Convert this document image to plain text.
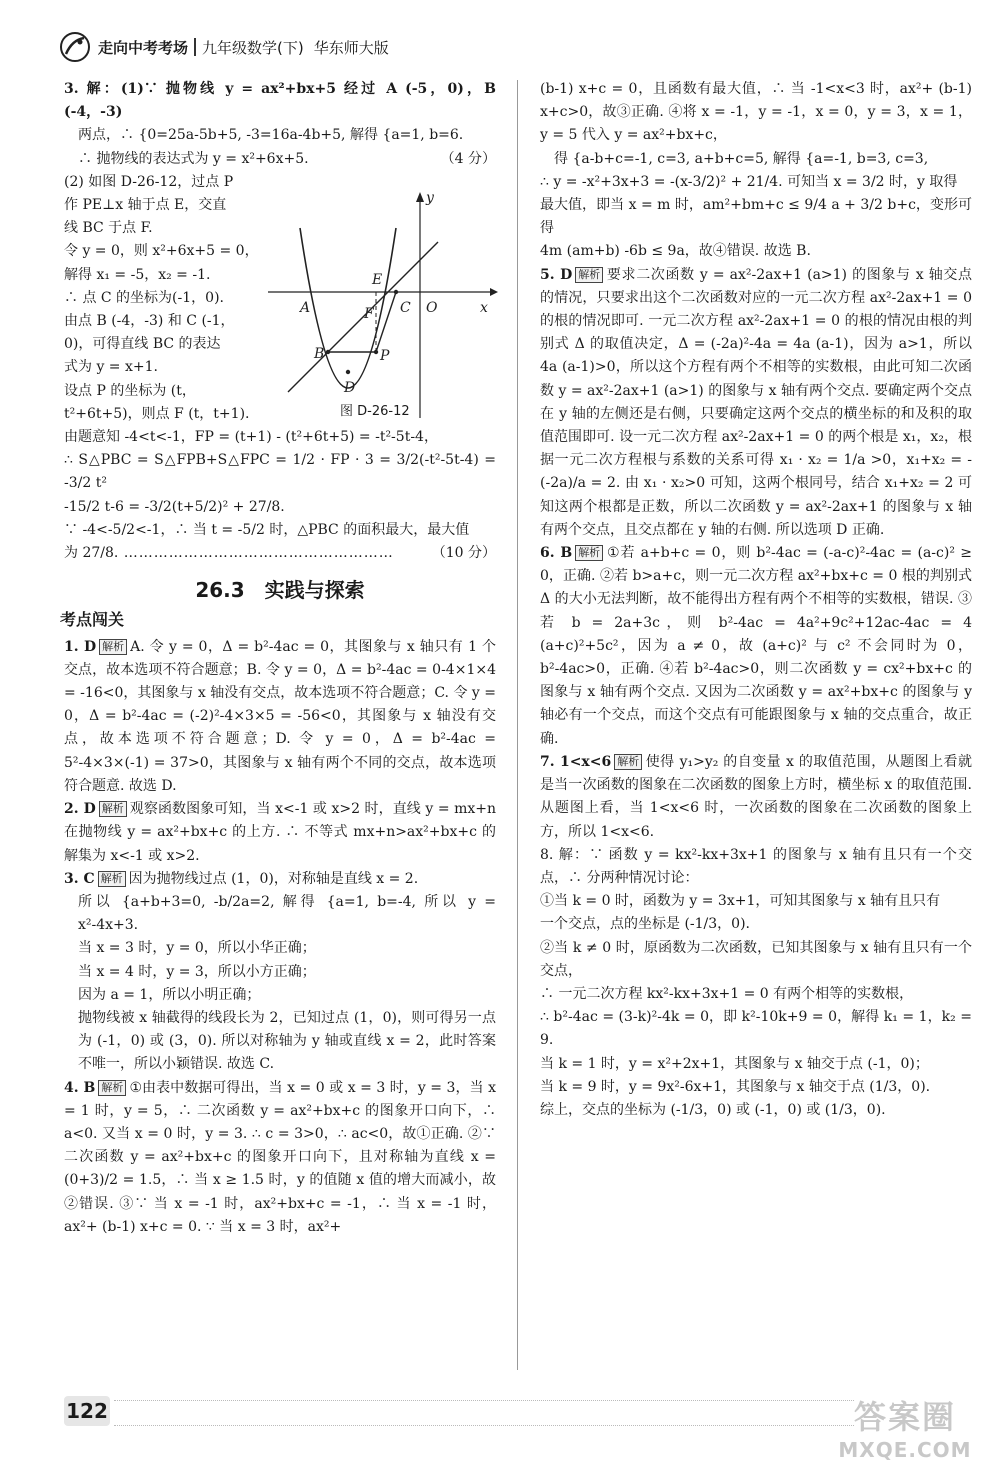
走向中考考场 九年级数学(下) 华东师大版

3. 解：(1)∵ 抛物线 y = ax²+bx+5 经过 A (-5，0)，B (-4，-3)

两点，∴ {0=25a-5b+5, -3=16a-4b+5, 解得 {a=1, b=6.

∴ 抛物线的表达式为 y = x²+6x+5.	（4 分）

(2) 如图 D-26-12，过点 P

作 PE⊥x 轴于点 E，交直

线 BC 于点 F.

令 y = 0，则 x²+6x+5 = 0，

解得 x₁ = -5，x₂ = -1.

∴ 点 C 的坐标为(-1，0).

由点 B (-4，-3) 和 C (-1，

0)，可得直线 BC 的表达

式为 y = x+1.

设点 P 的坐标为 (t，

t²+6t+5)，则点 F (t，t+1).

由题意知 -4<t<-1，FP = (t+1) - (t²+6t+5) = -t²-5t-4，

∴ S△PBC = S△FPB+S△FPC = 1/2 · FP · 3 = 3/2(-t²-5t-4) = -3/2 t²

-15/2 t-6 = -3/2(t+5/2)² + 27/8.

∵ -4<-5/2<-1，∴ 当 t = -5/2 时，△PBC 的面积最大，最大值

为 27/8. ………………………………………………	（10 分）

26.3　实践与探索
考点闯关

1. D 解析 A. 令 y = 0，Δ = b²-4ac = 0，其图象与 x 轴只有 1 个交点，故本选项不符合题意；B. 令 y = 0，Δ = b²-4ac = 0-4×1×4 = -16<0，其图象与 x 轴没有交点，故本选项不符合题意；C. 令 y = 0，Δ = b²-4ac = (-2)²-4×3×5 = -56<0，其图象与 x 轴没有交点，故本选项不符合题意；D. 令 y = 0，Δ = b²-4ac = 5²-4×3×(-1) = 37>0，其图象与 x 轴有两个不同的交点，故本选项符合题意. 故选 D.

2. D 解析 观察函数图象可知，当 x<-1 或 x>2 时，直线 y = mx+n 在抛物线 y = ax²+bx+c 的上方. ∴ 不等式 mx+n>ax²+bx+c 的解集为 x<-1 或 x>2.

3. C 解析 因为抛物线过点 (1，0)，对称轴是直线 x = 2.

所以 {a+b+3=0, -b/2a=2, 解得 {a=1, b=-4, 所以 y = x²-4x+3.

当 x = 3 时，y = 0，所以小华正确；

当 x = 4 时，y = 3，所以小方正确；

因为 a = 1，所以小明正确；

抛物线被 x 轴截得的线段长为 2，已知过点 (1，0)，则可得另一点为 (-1，0) 或 (3，0). 所以对称轴为 y 轴或直线 x = 2，此时答案不唯一，所以小颖错误. 故选 C.

4. B 解析 ①由表中数据可得出，当 x = 0 或 x = 3 时，y = 3，当 x = 1 时，y = 5，∴ 二次函数 y = ax²+bx+c 的图象开口向下，∴ a<0. 又当 x = 0 时，y = 3. ∴ c = 3>0，∴ ac<0，故①正确. ②∵ 二次函数 y = ax²+bx+c 的图象开口向下，且对称轴为直线 x = (0+3)/2 = 1.5，∴ 当 x ≥ 1.5 时，y 的值随 x 值的增大而减小，故②错误. ③∵ 当 x = -1 时，ax²+bx+c = -1，∴ 当 x = -1 时，ax²+ (b-1) x+c = 0. ∵ 当 x = 3 时，ax²+

y
x
A
E
F C O
B	P
D
图 D-26-12

(b-1) x+c = 0，且函数有最大值，∴ 当 -1<x<3 时，ax²+ (b-1) x+c>0，故③正确. ④将 x = -1，y = -1，x = 0，y = 3，x = 1，y = 5 代入 y = ax²+bx+c，

得 {a-b+c=-1, c=3, a+b+c=5, 解得 {a=-1, b=3, c=3,

∴ y = -x²+3x+3 = -(x-3/2)² + 21/4. 可知当 x = 3/2 时，y 取得

最大值，即当 x = m 时，am²+bm+c ≤ 9/4 a + 3/2 b+c，变形可得

4m (am+b) -6b ≤ 9a，故④错误. 故选 B.

5. D 解析 要求二次函数 y = ax²-2ax+1 (a>1) 的图象与 x 轴交点的情况，只要求出这个二次函数对应的一元二次方程 ax²-2ax+1 = 0 的根的情况即可. 一元二次方程 ax²-2ax+1 = 0 的根的情况由根的判别式 Δ 的取值决定，Δ = (-2a)²-4a = 4a (a-1)，因为 a>1，所以 4a (a-1)>0，所以这个方程有两个不相等的实数根，由此可知二次函数 y = ax²-2ax+1 (a>1) 的图象与 x 轴有两个交点. 要确定两个交点在 y 轴的左侧还是右侧，只要确定这两个交点的横坐标的和及积的取值范围即可. 设一元二次方程 ax²-2ax+1 = 0 的两个根是 x₁，x₂，根据一元二次方程根与系数的关系可得 x₁ · x₂ = 1/a >0，x₁+x₂ = -(-2a)/a = 2. 由 x₁ · x₂>0 可知，这两个根同号，结合 x₁+x₂ = 2 可知这两个根都是正数，所以二次函数 y = ax²-2ax+1 的图象与 x 轴有两个交点，且交点都在 y 轴的右侧. 所以选项 D 正确.

6. B 解析 ①若 a+b+c = 0，则 b²-4ac = (-a-c)²-4ac = (a-c)² ≥ 0，正确. ②若 b>a+c，则一元二次方程 ax²+bx+c = 0 根的判别式 Δ 的大小无法判断，故不能得出方程有两个不相等的实数根，错误. ③若 b = 2a+3c，则 b²-4ac = 4a²+9c²+12ac-4ac = 4 (a+c)²+5c²，因为 a ≠ 0，故 (a+c)² 与 c² 不会同时为 0，b²-4ac>0，正确. ④若 b²-4ac>0，则二次函数 y = cx²+bx+c 的图象与 x 轴有两个交点. 又因为二次函数 y = ax²+bx+c 的图象与 y 轴必有一个交点，而这个交点有可能跟图象与 x 轴的交点重合，故正确.

7. 1<x<6 解析 使得 y₁>y₂ 的自变量 x 的取值范围，从题图上看就是当一次函数的图象在二次函数的图象上方时，横坐标 x 的取值范围. 从题图上看，当 1<x<6 时，一次函数的图象在二次函数的图象上方，所以 1<x<6.

8. 解：∵ 函数 y = kx²-kx+3x+1 的图象与 x 轴有且只有一个交点，∴ 分两种情况讨论：

①当 k = 0 时，函数为 y = 3x+1，可知其图象与 x 轴有且只有

一个交点，点的坐标是 (-1/3，0).

②当 k ≠ 0 时，原函数为二次函数，已知其图象与 x 轴有且只有一个交点，

∴ 一元二次方程 kx²-kx+3x+1 = 0 有两个相等的实数根，

∴ b²-4ac = (3-k)²-4k = 0，即 k²-10k+9 = 0，解得 k₁ = 1，k₂ = 9.

当 k = 1 时，y = x²+2x+1，其图象与 x 轴交于点 (-1，0)；

当 k = 9 时，y = 9x²-6x+1，其图象与 x 轴交于点 (1/3，0).

综上，交点的坐标为 (-1/3，0) 或 (-1，0) 或 (1/3，0).

122	答案圈
MXQE.COM
